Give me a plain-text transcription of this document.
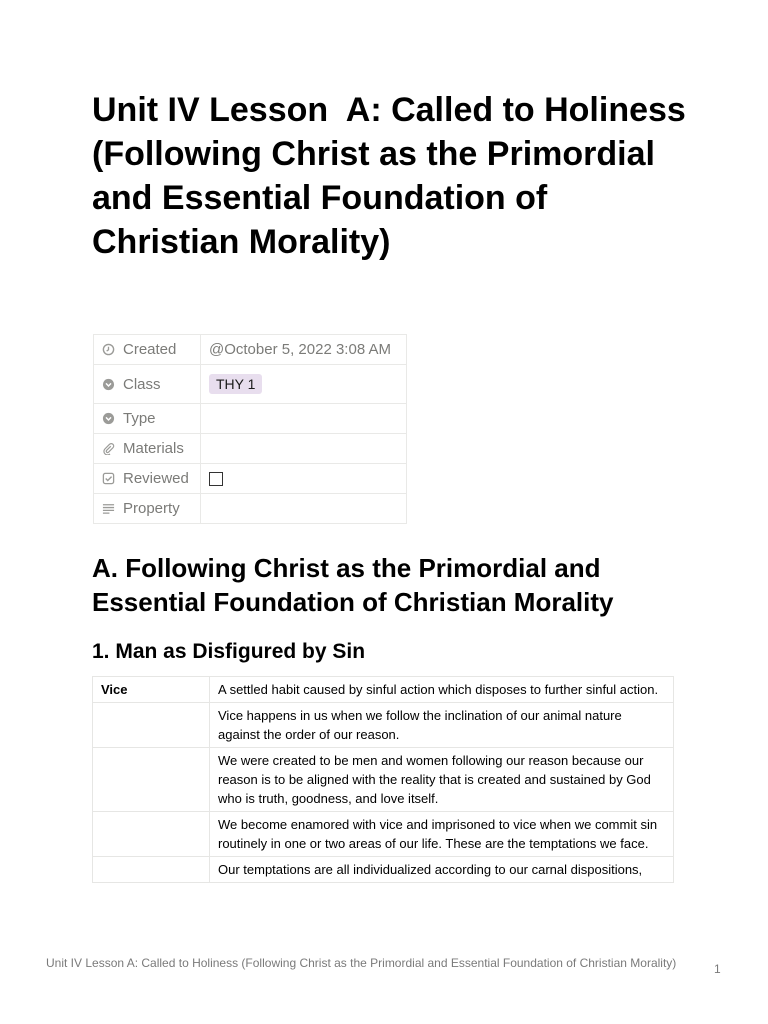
Unit IV Lesson  A: Called to Holiness (Following Christ as the Primordial and Essential Foundation of Christian Morality)
Created	@October 5, 2022 3:08 AM

Class	THY 1

Type	

Materials	

Reviewed	

Property	

A. Following Christ as the Primordial and Essential Foundation of Christian Morality
1. Man as Disfigured by Sin
Vice	A settled habit caused by sinful action which disposes to further sinful action.
	Vice happens in us when we follow the inclination of our animal nature against the order of our reason.
	We were created to be men and women following our reason because our reason is to be aligned with the reality that is created and sustained by God who is truth, goodness, and love itself.
	We become enamored with vice and imprisoned to vice when we commit sin routinely in one or two areas of our life. These are the temptations we face.
	Our temptations are all individualized according to our carnal dispositions,
Unit IV Lesson A: Called to Holiness (Following Christ as the Primordial and Essential Foundation of Christian Morality)	1
